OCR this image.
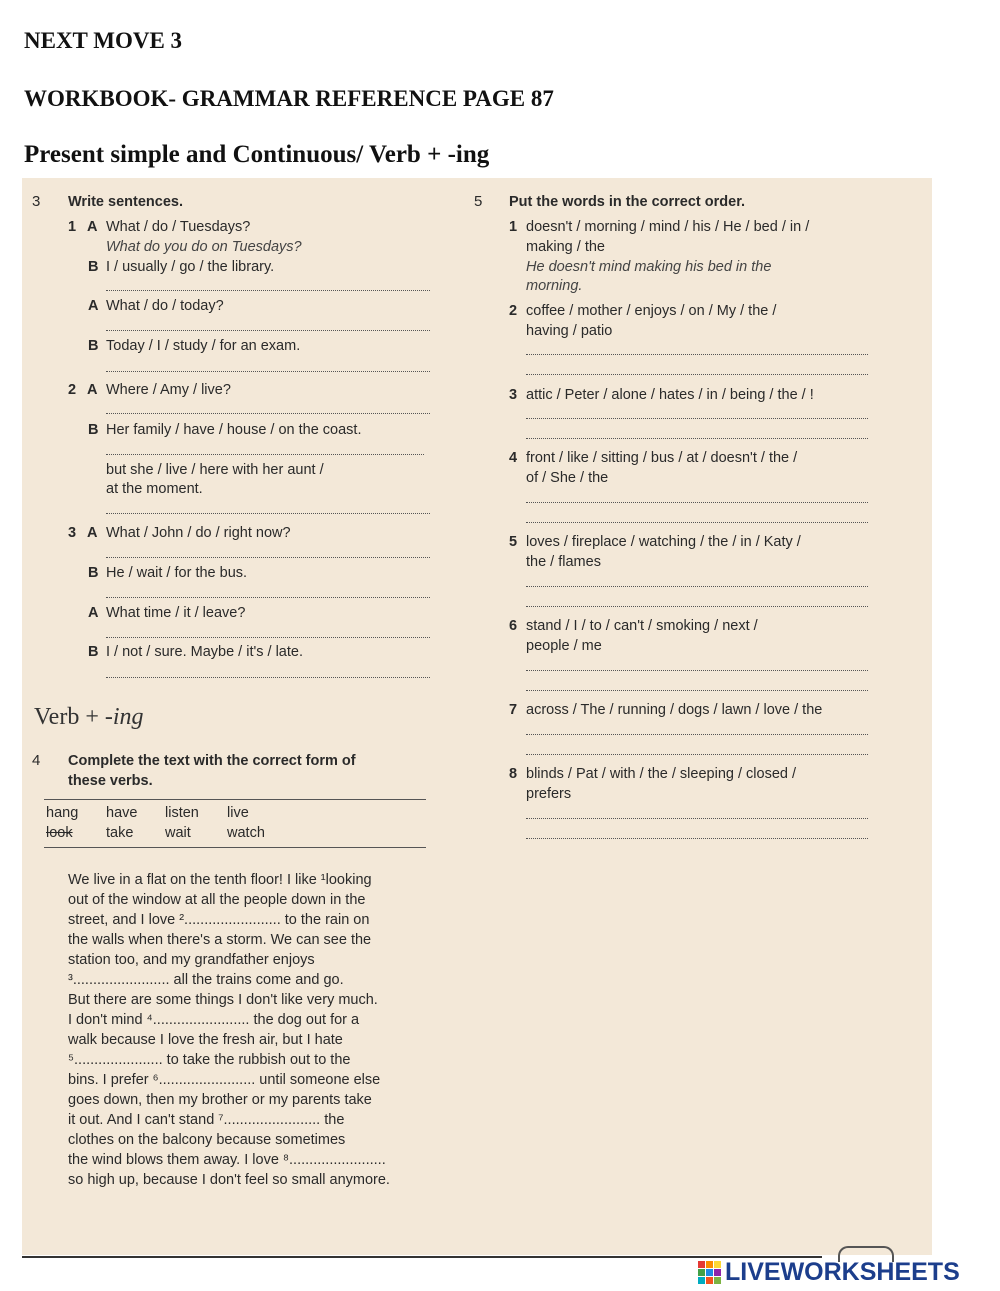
NEXT MOVE 3
WORKBOOK- GRAMMAR REFERENCE PAGE 87
Present simple and Continuous/ Verb + -ing
3 Write sentences.
1 A What / do / Tuesdays?
What do you do on Tuesdays?
B I / usually / go / the library.
A What / do / today?
B Today / I / study / for an exam.
2 A Where / Amy / live?
B Her family / have / house / on the coast.
but she / live / here with her aunt /
at the moment.
3 A What / John / do / right now?
B He / wait / for the bus.
A What time / it / leave?
B I / not / sure. Maybe / it's / late.
Verb + -ing
4 Complete the text with the correct form of
these verbs.
hang have listen live
look take wait watch
We live in a flat on the tenth floor! I like ¹looking
out of the window at all the people down in the
street, and I love ²........................ to the rain on
the walls when there's a storm. We can see the
station too, and my grandfather enjoys
³........................ all the trains come and go.
But there are some things I don't like very much.
I don't mind ⁴........................ the dog out for a
walk because I love the fresh air, but I hate
⁵...................... to take the rubbish out to the
bins. I prefer ⁶........................ until someone else
goes down, then my brother or my parents take
it out. And I can't stand ⁷........................ the
clothes on the balcony because sometimes
the wind blows them away. I love ⁸........................
so high up, because I don't feel so small anymore.
5 Put the words in the correct order.
1 doesn't / morning / mind / his / He / bed / in /
making / the
He doesn't mind making his bed in the
morning.
2 coffee / mother / enjoys / on / My / the /
having / patio
3 attic / Peter / alone / hates / in / being / the / !
4 front / like / sitting / bus / at / doesn't / the /
of / She / the
5 loves / fireplace / watching / the / in / Katy /
the / flames
6 stand / I / to / can't / smoking / next /
people / me
7 across / The / running / dogs / lawn / love / the
8 blinds / Pat / with / the / sleeping / closed /
prefers
LIVEWORKSHEETS
